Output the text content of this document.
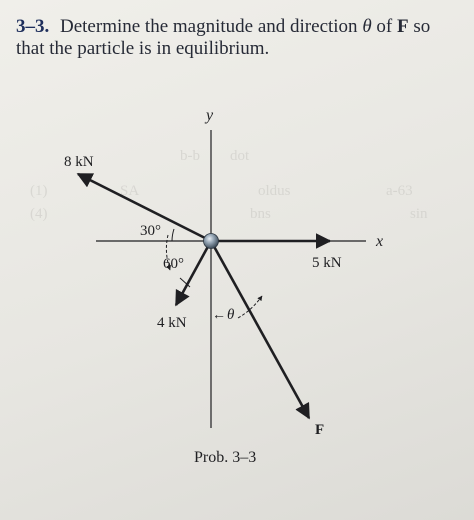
3–3. Determine the magnitude and direction θ of F so that the particle is in equilibrium.
(1)	SA	oldus	a-63
(4)	bns	sin
b-b dot
y
x
8 kN
30°
60°
4 kN
5 kN
← θ
F
Prob. 3–3
